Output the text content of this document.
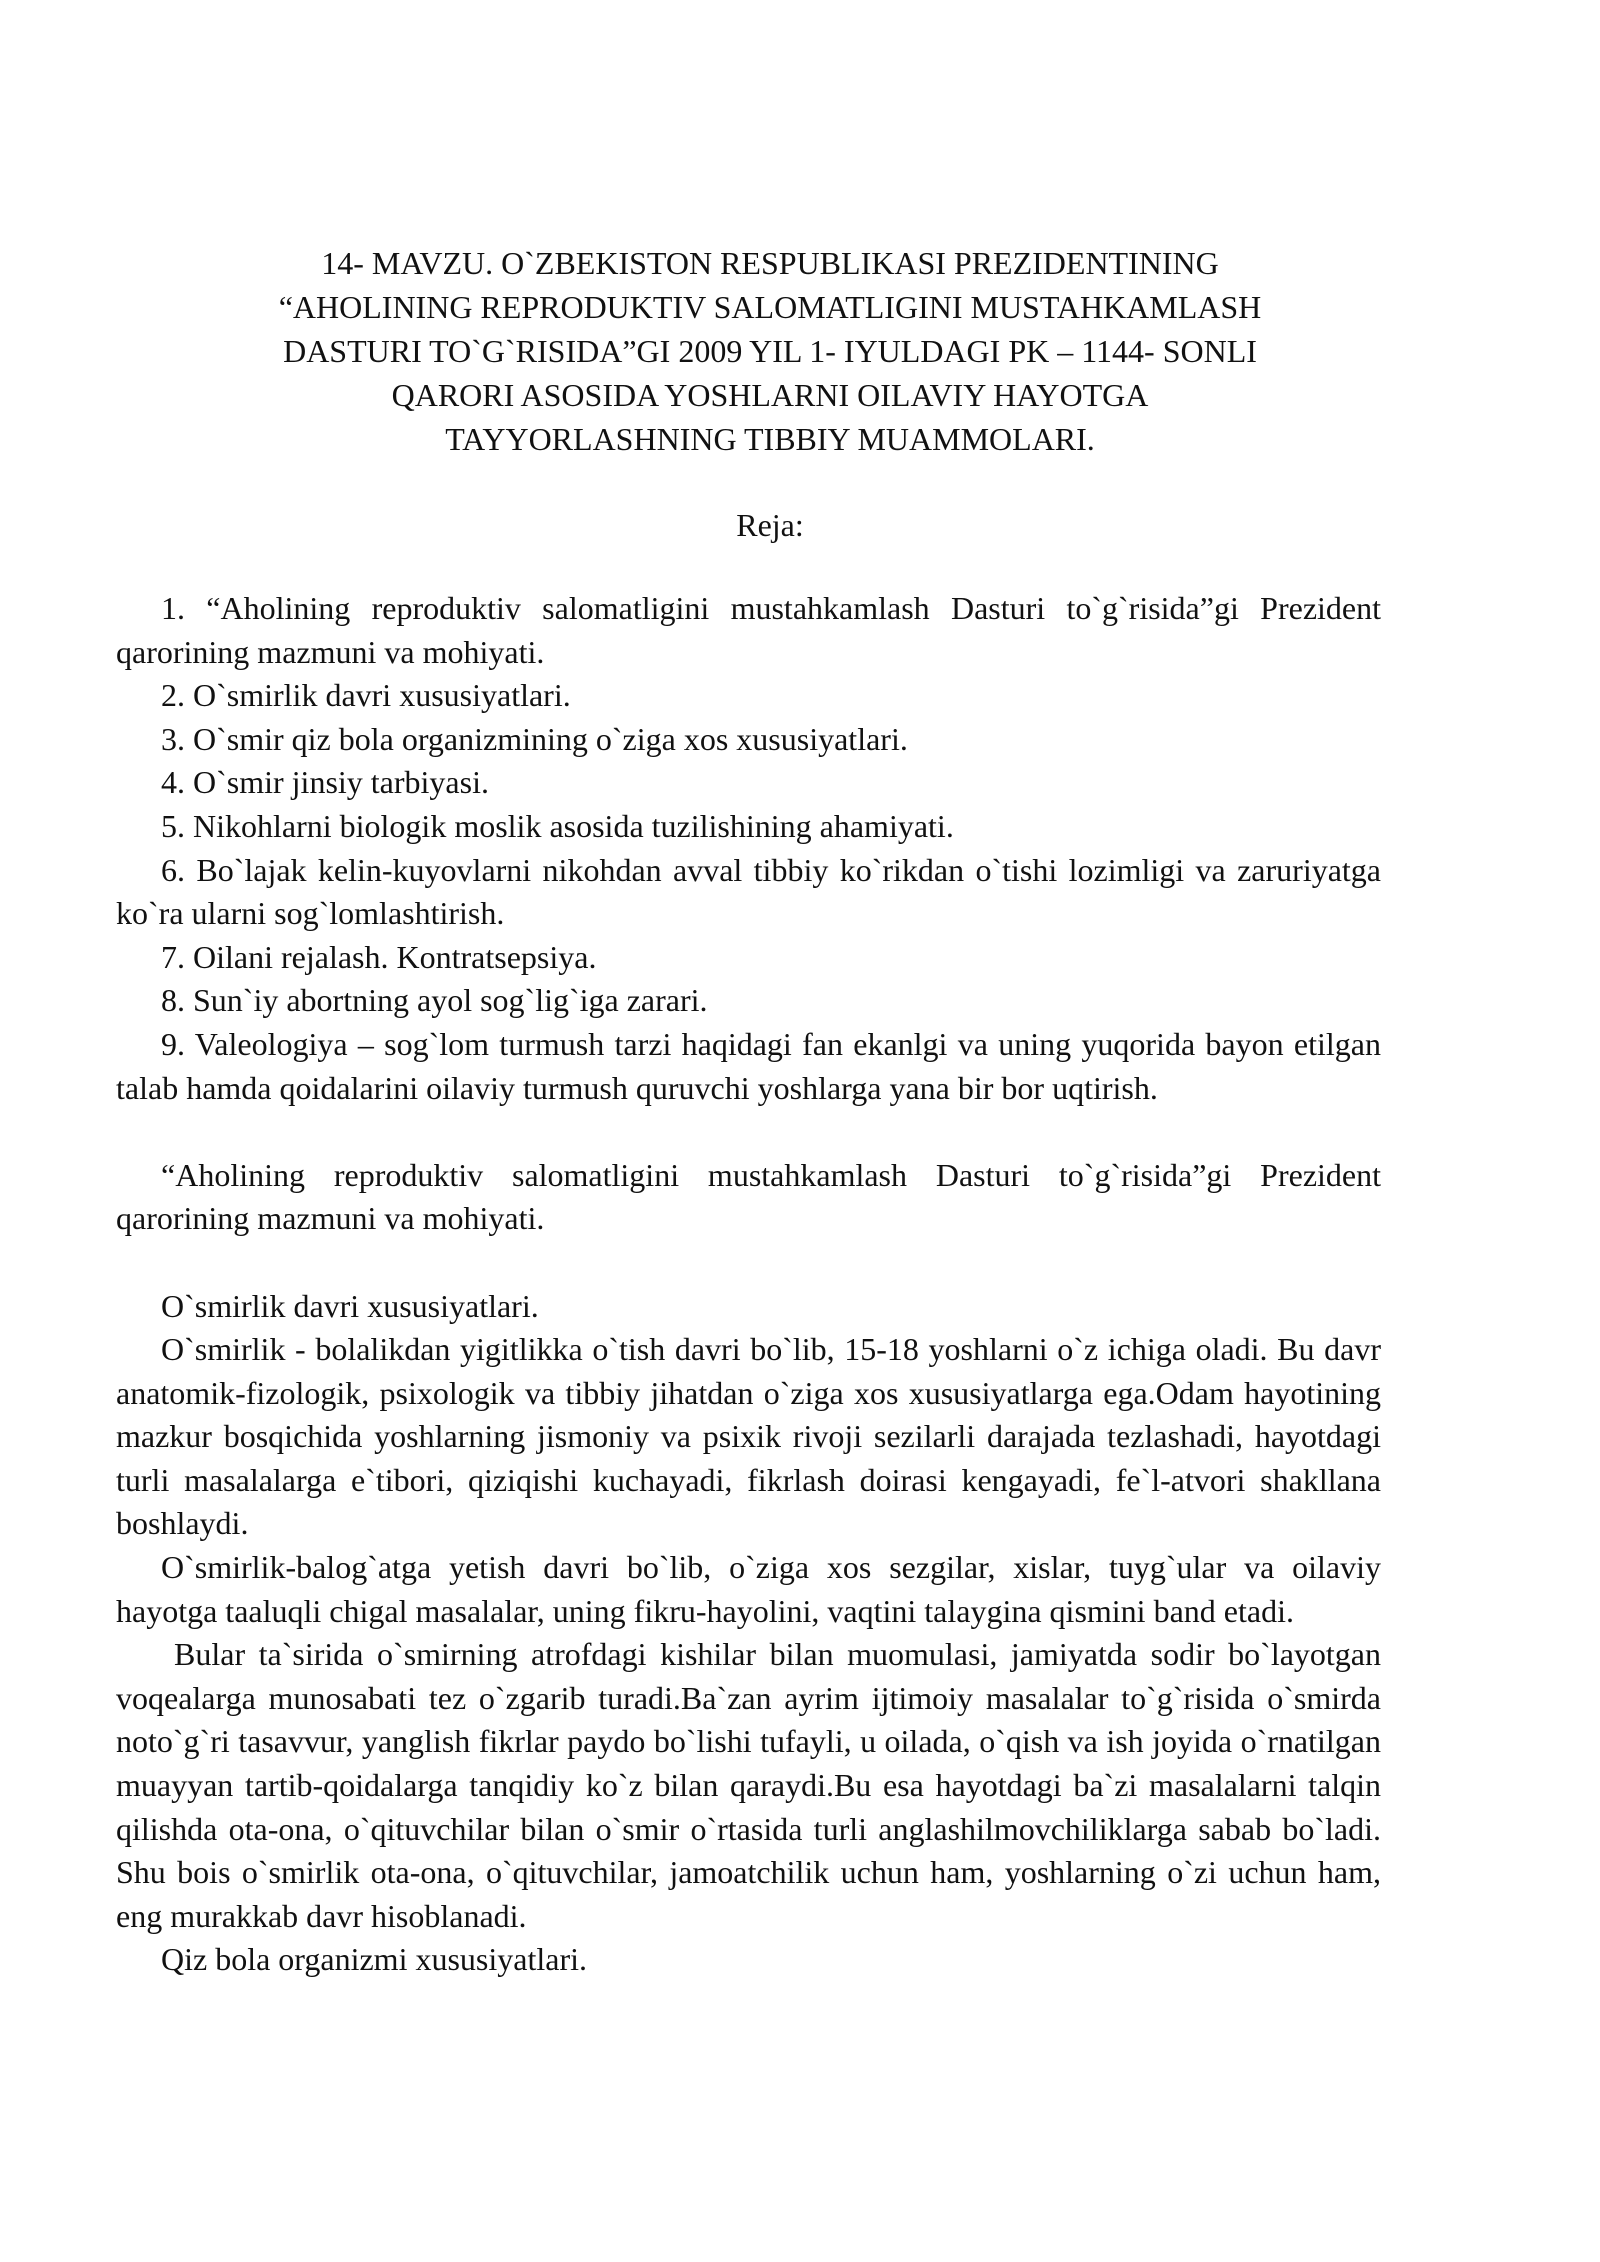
14- MAVZU. O`ZBEKISTON RESPUBLIKASI PREZIDENTINING
“AHOLINING REPRODUKTIV SALOMATLIGINI MUSTAHKAMLASH
DASTURI TO`G`RISIDA”GI 2009 YIL 1- IYULDAGI PK – 1144- SONLI
QARORI ASOSIDA YOSHLARNI OILAVIY HAYOTGA
TAYYORLASHNING TIBBIY MUAMMOLARI.
Reja:

1. “Aholining reproduktiv salomatligini mustahkamlash Dasturi to`g`risida”gi Prezident qarorining mazmuni va mohiyati.

2. O`smirlik davri xususiyatlari.

3. O`smir qiz bola organizmining o`ziga xos xususiyatlari.

4. O`smir jinsiy tarbiyasi.

5. Nikohlarni biologik moslik asosida tuzilishining ahamiyati.

6. Bo`lajak kelin-kuyovlarni nikohdan avval tibbiy ko`rikdan o`tishi lozimligi va zaruriyatga ko`ra ularni sog`lomlashtirish.

7. Oilani rejalash. Kontratsepsiya.

8. Sun`iy abortning ayol sog`lig`iga zarari.

9. Valeologiya – sog`lom turmush tarzi haqidagi fan ekanlgi va uning yuqorida bayon etilgan talab hamda qoidalarini oilaviy turmush quruvchi yoshlarga yana bir bor uqtirish.

“Aholining reproduktiv salomatligini mustahkamlash Dasturi to`g`risida”gi Prezident qarorining mazmuni va mohiyati.

O`smirlik davri xususiyatlari.

O`smirlik - bolalikdan yigitlikka o`tish davri bo`lib, 15-18 yoshlarni o`z ichiga oladi. Bu davr anatomik-fizologik, psixologik va tibbiy jihatdan o`ziga xos xususiyatlarga ega.Odam hayotining mazkur bosqichida yoshlarning jismoniy va psixik rivoji sezilarli darajada tezlashadi, hayotdagi turli masalalarga e`tibori, qiziqishi kuchayadi, fikrlash doirasi kengayadi, fe`l-atvori shakllana boshlaydi.

O`smirlik-balog`atga yetish davri bo`lib, o`ziga xos sezgilar, xislar, tuyg`ular va oilaviy hayotga taaluqli chigal masalalar, uning fikru-hayolini, vaqtini talaygina qismini band etadi.

Bular ta`sirida o`smirning atrofdagi kishilar bilan muomulasi, jamiyatda sodir bo`layotgan voqealarga munosabati tez o`zgarib turadi.Ba`zan ayrim ijtimoiy masalalar to`g`risida o`smirda noto`g`ri tasavvur, yanglish fikrlar paydo bo`lishi tufayli, u oilada, o`qish va ish joyida o`rnatilgan muayyan tartib-qoidalarga tanqidiy ko`z bilan qaraydi.Bu esa hayotdagi ba`zi masalalarni talqin qilishda ota-ona, o`qituvchilar bilan o`smir o`rtasida turli anglashilmovchiliklarga sabab bo`ladi. Shu bois o`smirlik ota-ona, o`qituvchilar, jamoatchilik uchun ham, yoshlarning o`zi uchun ham, eng murakkab davr hisoblanadi.

Qiz bola organizmi xususiyatlari.
